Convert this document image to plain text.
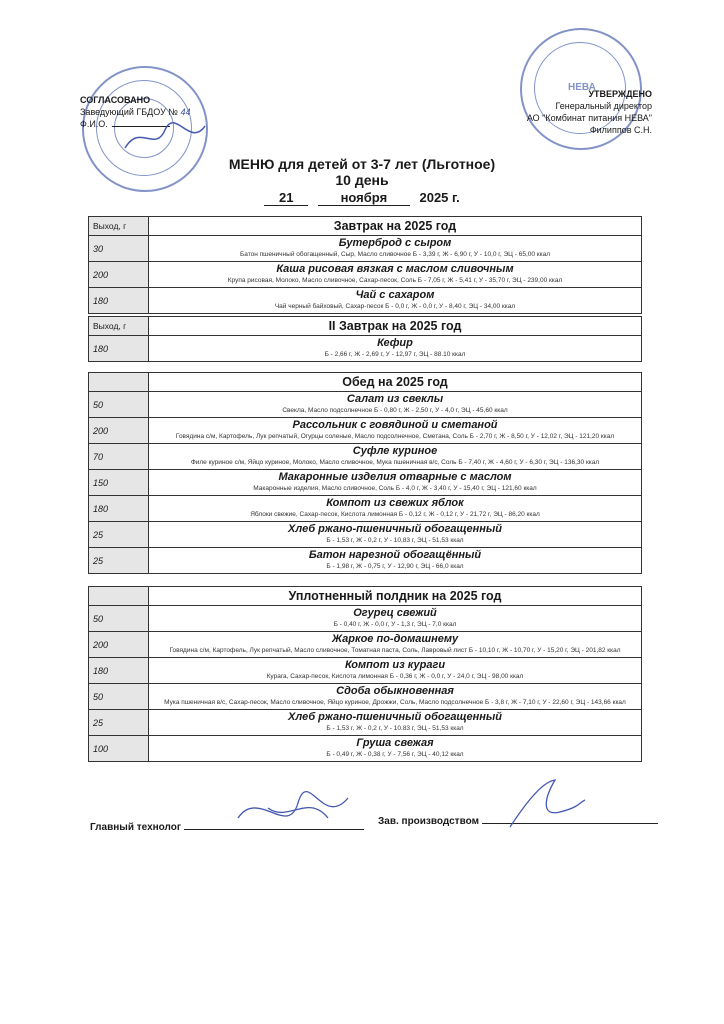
НЕВА
СОГЛАСОВАНО
Заведующий ГБДОУ № 44
Ф.И.О.
УТВЕРЖДЕНО
Генеральный директор
АО "Комбинат питания НЕВА"
Филиппов С.Н.
МЕНЮ для детей от 3-7 лет (Льготное)
10 день
21	ноября 2025 г.
Выход, г	Завтрак на 2025 год
30	Бутерброд с сыром
Батон пшеничный обогащенный, Сыр, Масло сливочное Б - 3,39 г, Ж - 6,90 г, У - 10,0 г, ЭЦ - 65,00 ккал
200	Каша рисовая вязкая с маслом сливочным
Крупа рисовая, Молоко, Масло сливочное, Сахар-песок, Соль Б - 7,05 г, Ж - 5,41 г, У - 35,70 г, ЭЦ - 239,00 ккал
180	Чай с сахаром
Чай черный байховый, Сахар-песок Б - 0,0 г, Ж - 0,0 г, У - 8,40 г, ЭЦ - 34,00 ккал
Выход, г	II Завтрак на 2025 год
180	Кефир
Б - 2,66 г, Ж - 2,69 г, У - 12,97 г, ЭЦ - 88.10 ккал
Обед на 2025 год
50	Салат из свеклы
Свекла, Масло подсолнечное Б - 0,80 г, Ж - 2,50 г, У - 4,0 г, ЭЦ - 45,60 ккал
200	Рассольник с говядиной и сметаной
Говядина с/м, Картофель, Лук репчатый, Огурцы соленые, Масло подсолнечное, Сметана, Соль Б - 2,70 г, Ж - 8,50 г, У - 12,02 г, ЭЦ - 121,20 ккал
70	Суфле куриное
Филе куриное с/м, Яйцо куриное, Молоко, Масло сливочное, Мука пшеничная в/с, Соль Б - 7,40 г, Ж - 4,60 г, У - 6,30 г, ЭЦ - 136,30 ккал
150	Макаронные изделия отварные с маслом
Макаронные изделия, Масло сливочное, Соль Б - 4,0 г, Ж - 3,40 г, У - 15,40 г, ЭЦ - 121,60 ккал
180	Компот из свежих яблок
Яблоки свежие, Сахар-песок, Кислота лимонная Б - 0,12 г, Ж - 0,12 г, У - 21,72 г, ЭЦ - 86,20 ккал
25	Хлеб ржано-пшеничный обогащенный
Б - 1,53 г, Ж - 0,2 г, У - 10,83 г, ЭЦ - 51,53 ккал
25	Батон нарезной обогащённый
Б - 1,98 г, Ж - 0,75 г, У - 12,90 г, ЭЦ - 66,0 ккал
Уплотненный полдник на 2025 год
50	Огурец свежий
Б - 0,40 г, Ж - 0,0 г, У - 1,3 г, ЭЦ - 7,0 ккал
200	Жаркое по-домашнему
Говядина с/м, Картофель, Лук репчатый, Масло сливочное, Томатная паста, Соль, Лавровый лист Б - 10,10 г, Ж - 10,70 г, У - 15,20 г, ЭЦ - 201,82 ккал
180	Компот из кураги
Курага, Сахар-песок, Кислота лимонная Б - 0,36 г, Ж - 0,0 г, У - 24,0 г, ЭЦ - 98,00 ккал
50	Сдоба обыкновенная
Мука пшеничная в/с, Сахар-песок, Масло сливочное, Яйцо куриное, Дрожжи, Соль, Масло подсолнечное Б - 3,8 г, Ж - 7,10 г, У - 22,60 г, ЭЦ - 143,66 ккал
25	Хлеб ржано-пшеничный обогащенный
Б - 1,53 г, Ж - 0,2 г, У - 10.83 г, ЭЦ - 51,53 ккал
100	Груша свежая
Б - 0,49 г, Ж - 0,38 г, У - 7,56 г, ЭЦ - 40,12 ккал
Главный технолог
Зав. производством
